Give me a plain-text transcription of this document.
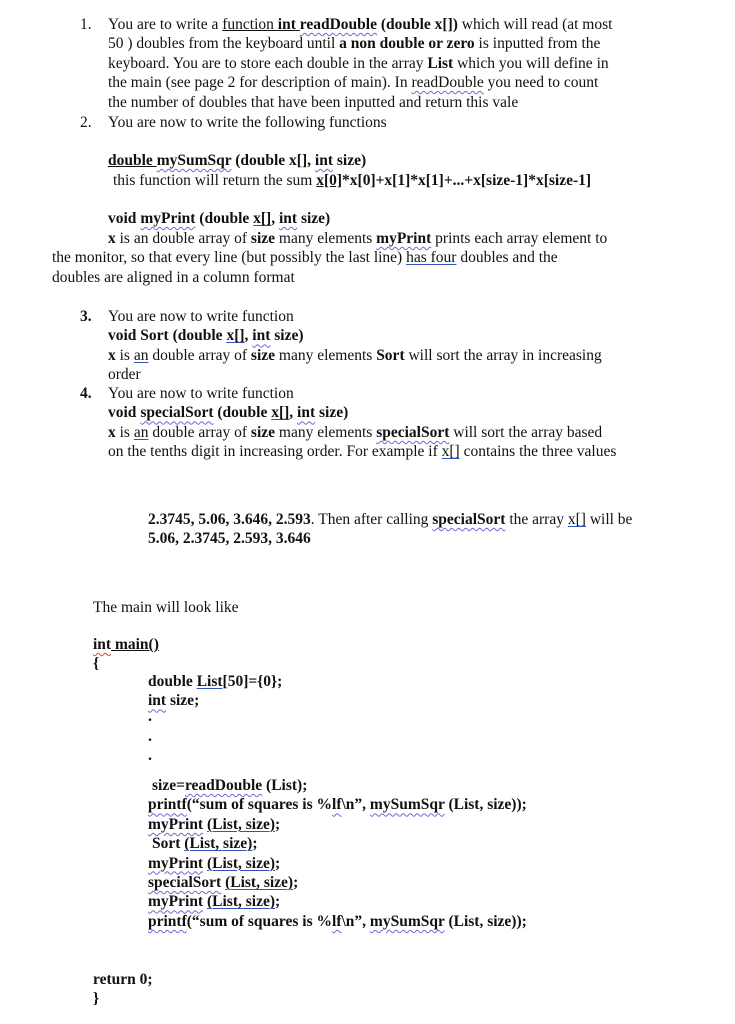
1. You are to write a function int readDouble (double x[]) which will read (at most
50 ) doubles from the keyboard until a non double or zero is inputted from the
keyboard. You are to store each double in the array List which you will define in
the main (see page 2 for description of main). In readDouble you need to count
the number of doubles that have been inputted and return this vale
2. You are now to write the following functions
double mySumSqr (double x[], int size)
this function will return the sum x[0]*x[0]+x[1]*x[1]+...+x[size-1]*x[size-1]
void myPrint (double x[], int size)
x is an double array of size many elements myPrint prints each array element to
the monitor, so that every line (but possibly the last line) has four doubles and the
doubles are aligned in a column format
3. You are now to write function
void Sort (double x[], int size)
x is an double array of size many elements Sort will sort the array in increasing
order
4. You are now to write function
void specialSort (double x[], int size)
x is an double array of size many elements specialSort will sort the array based
on the tenths digit in increasing order. For example if x[] contains the three values
2.3745, 5.06, 3.646, 2.593. Then after calling specialSort the array x[] will be
5.06, 2.3745, 2.593, 3.646
The main will look like
int main()
{
double List[50]={0};
int size;
.
.
.
size=readDouble (List);
printf(“sum of squares is %lf\n”, mySumSqr (List, size));
myPrint (List, size);
Sort (List, size);
myPrint (List, size);
specialSort (List, size);
myPrint (List, size);
printf(“sum of squares is %lf\n”, mySumSqr (List, size));
return 0;
}
